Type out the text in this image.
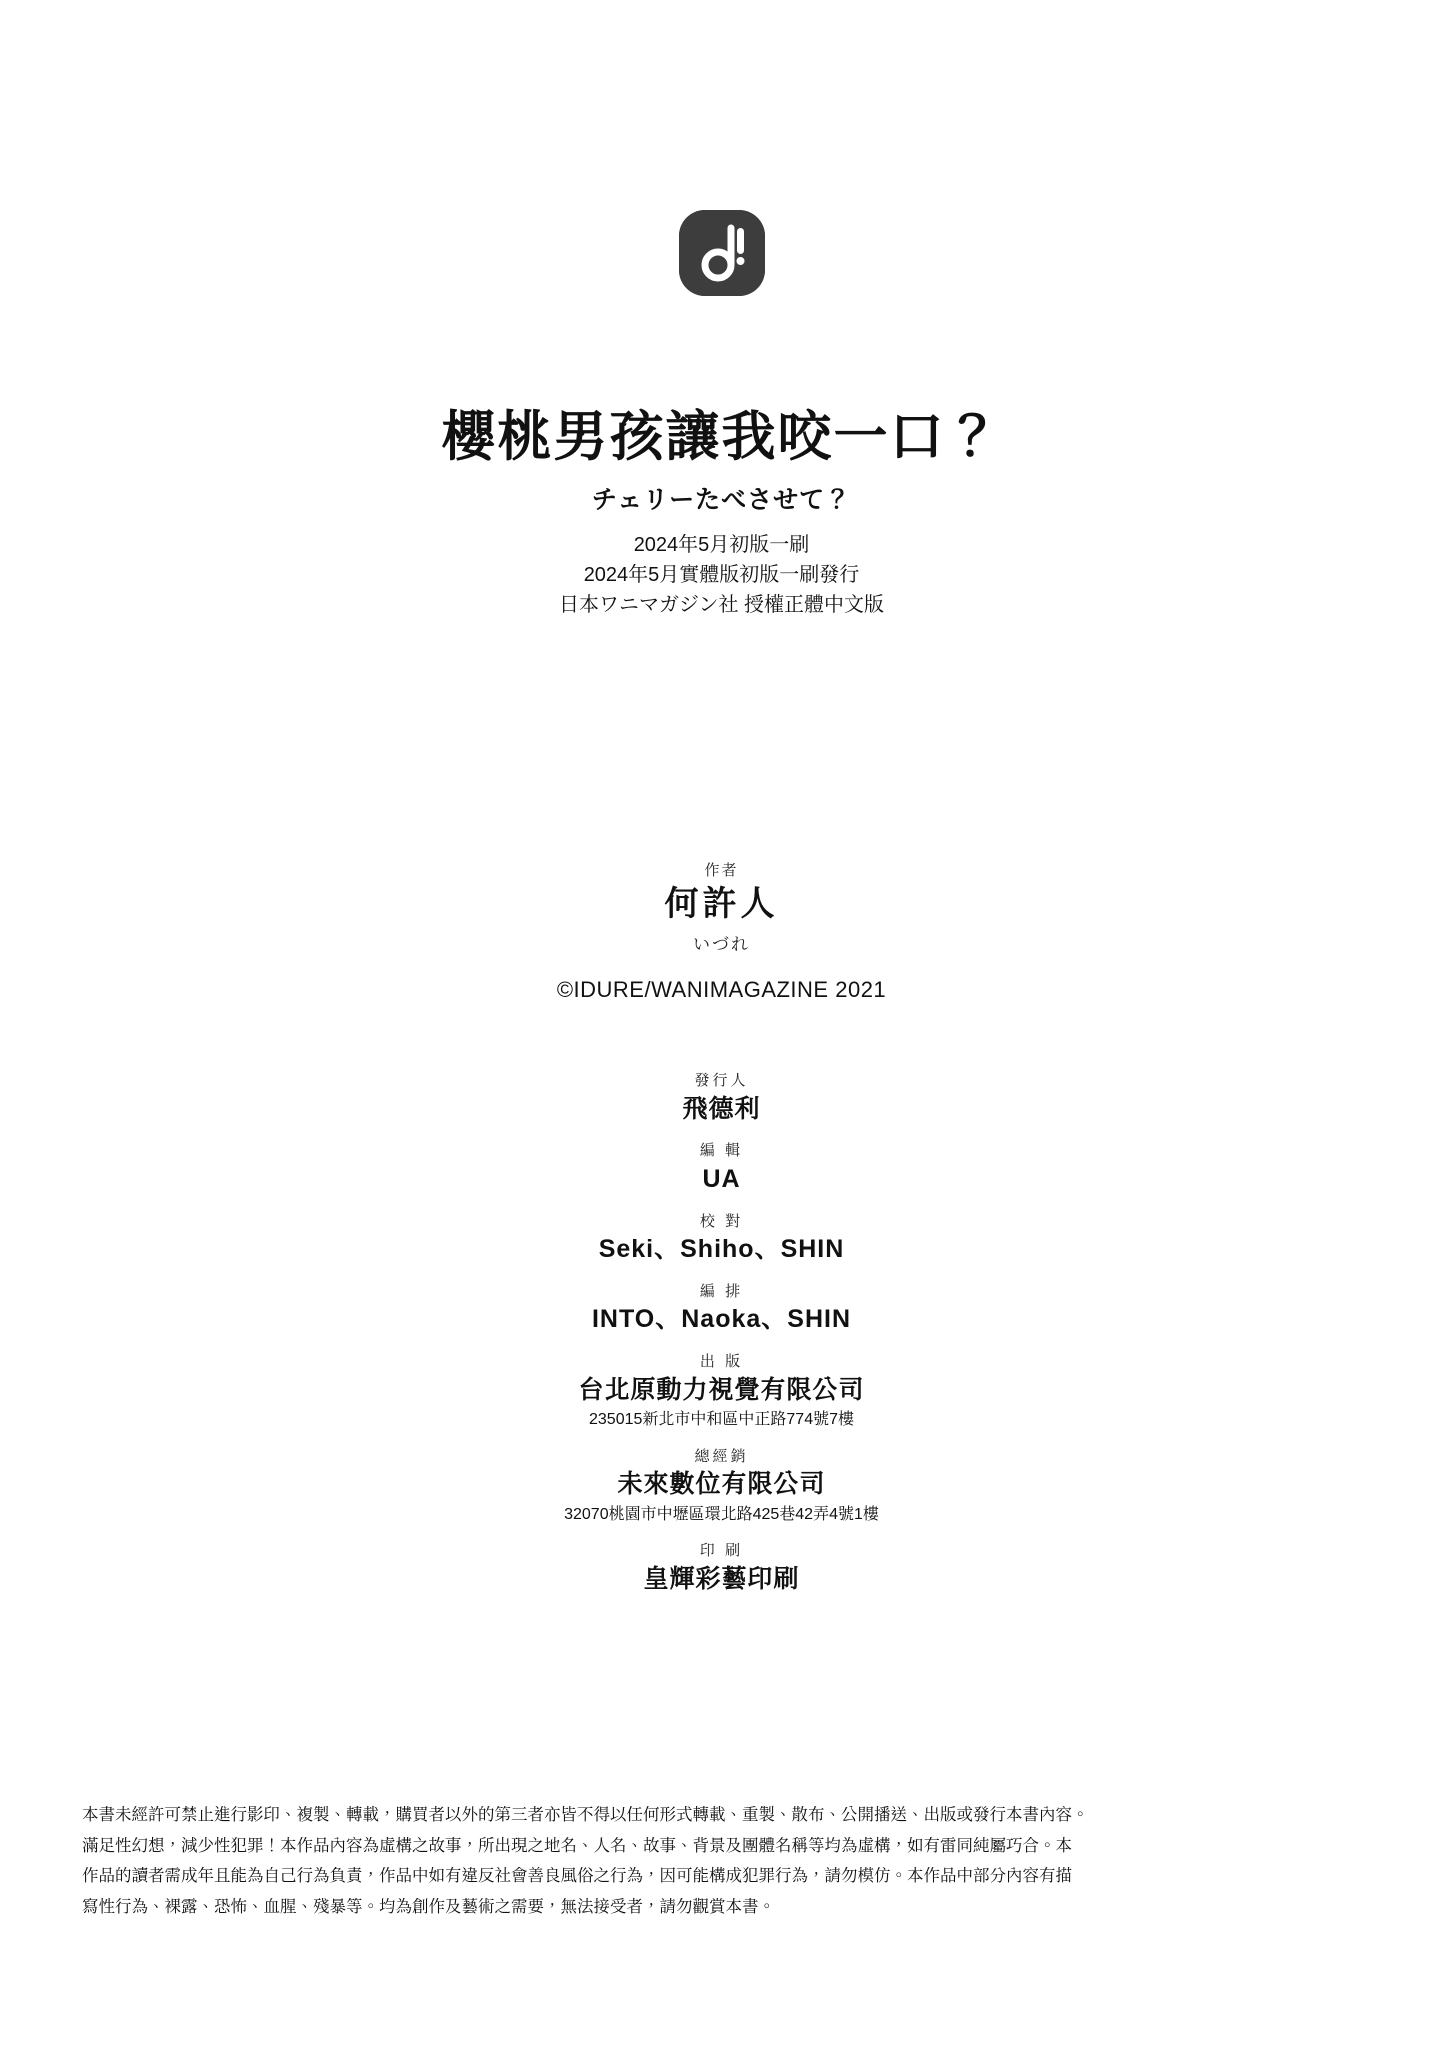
櫻桃男孩讓我咬一口？
チェリーたべさせて？
2024年5月初版一刷
2024年5月實體版初版一刷發行
日本ワニマガジン社 授權正體中文版
作者
何許人
いづれ
©IDURE/WANIMAGAZINE 2021
發行人
飛德利
編 輯
UA
校 對
Seki、Shiho、SHIN
編 排
INTO、Naoka、SHIN
出 版
台北原動力視覺有限公司
235015新北市中和區中正路774號7樓
總經銷
未來數位有限公司
32070桃園市中壢區環北路425巷42弄4號1樓
印 刷
皇輝彩藝印刷

本書未經許可禁止進行影印、複製、轉載，購買者以外的第三者亦皆不得以任何形式轉載、重製、散布、公開播送、出版或發行本書內容。

滿足性幻想，減少性犯罪！本作品內容為虛構之故事，所出現之地名、人名、故事、背景及團體名稱等均為虛構，如有雷同純屬巧合。本

作品的讀者需成年且能為自己行為負責，作品中如有違反社會善良風俗之行為，因可能構成犯罪行為，請勿模仿。本作品中部分內容有描

寫性行為、裸露、恐怖、血腥、殘暴等。均為創作及藝術之需要，無法接受者，請勿觀賞本書。
